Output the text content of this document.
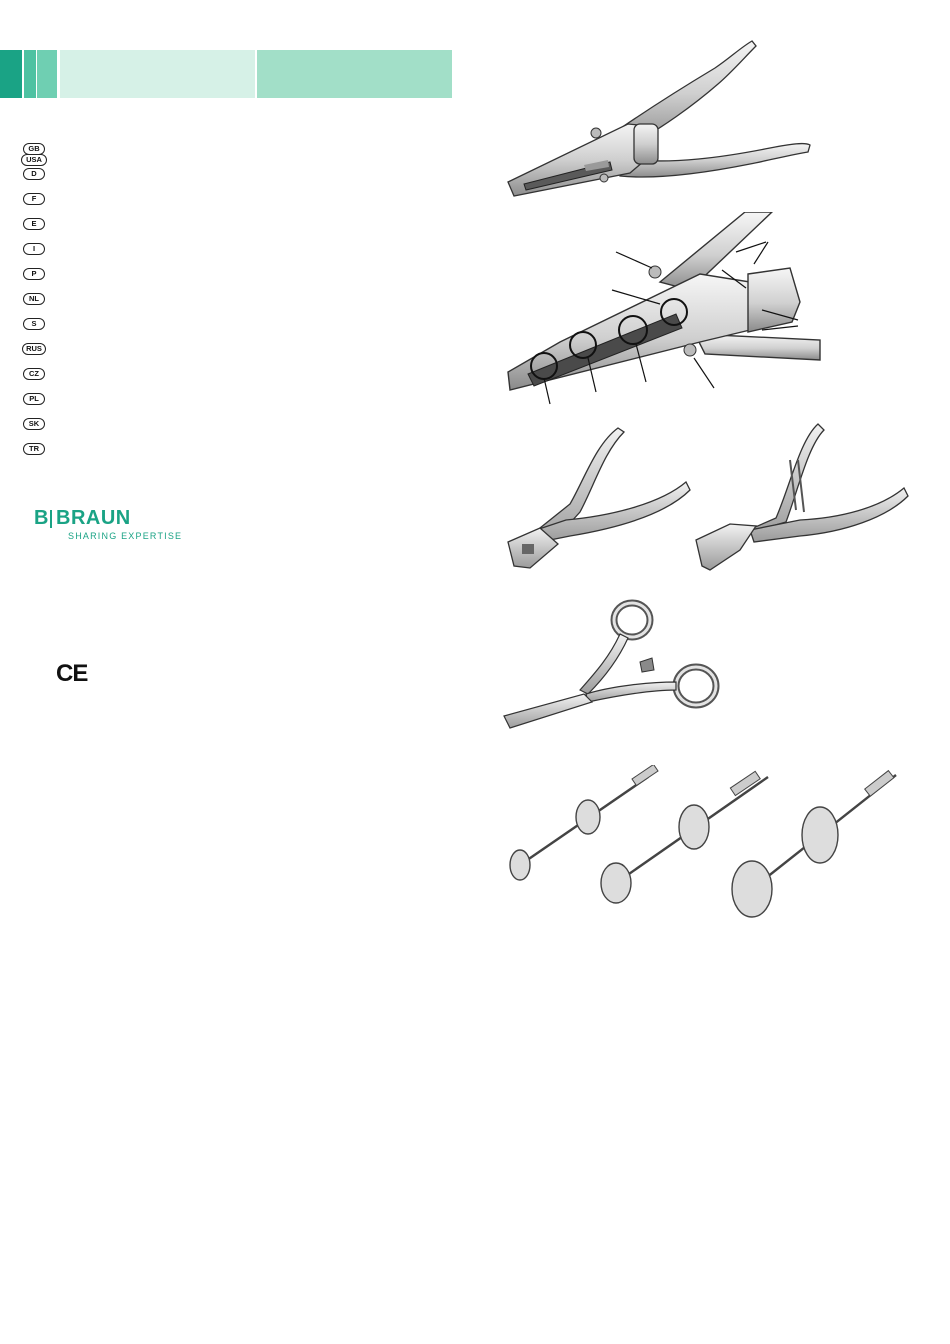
GB
USA
D
F
E
I
P
NL
S
RUS
CZ
PL
SK
TR
B BRAUN
SHARING EXPERTISE
CE
